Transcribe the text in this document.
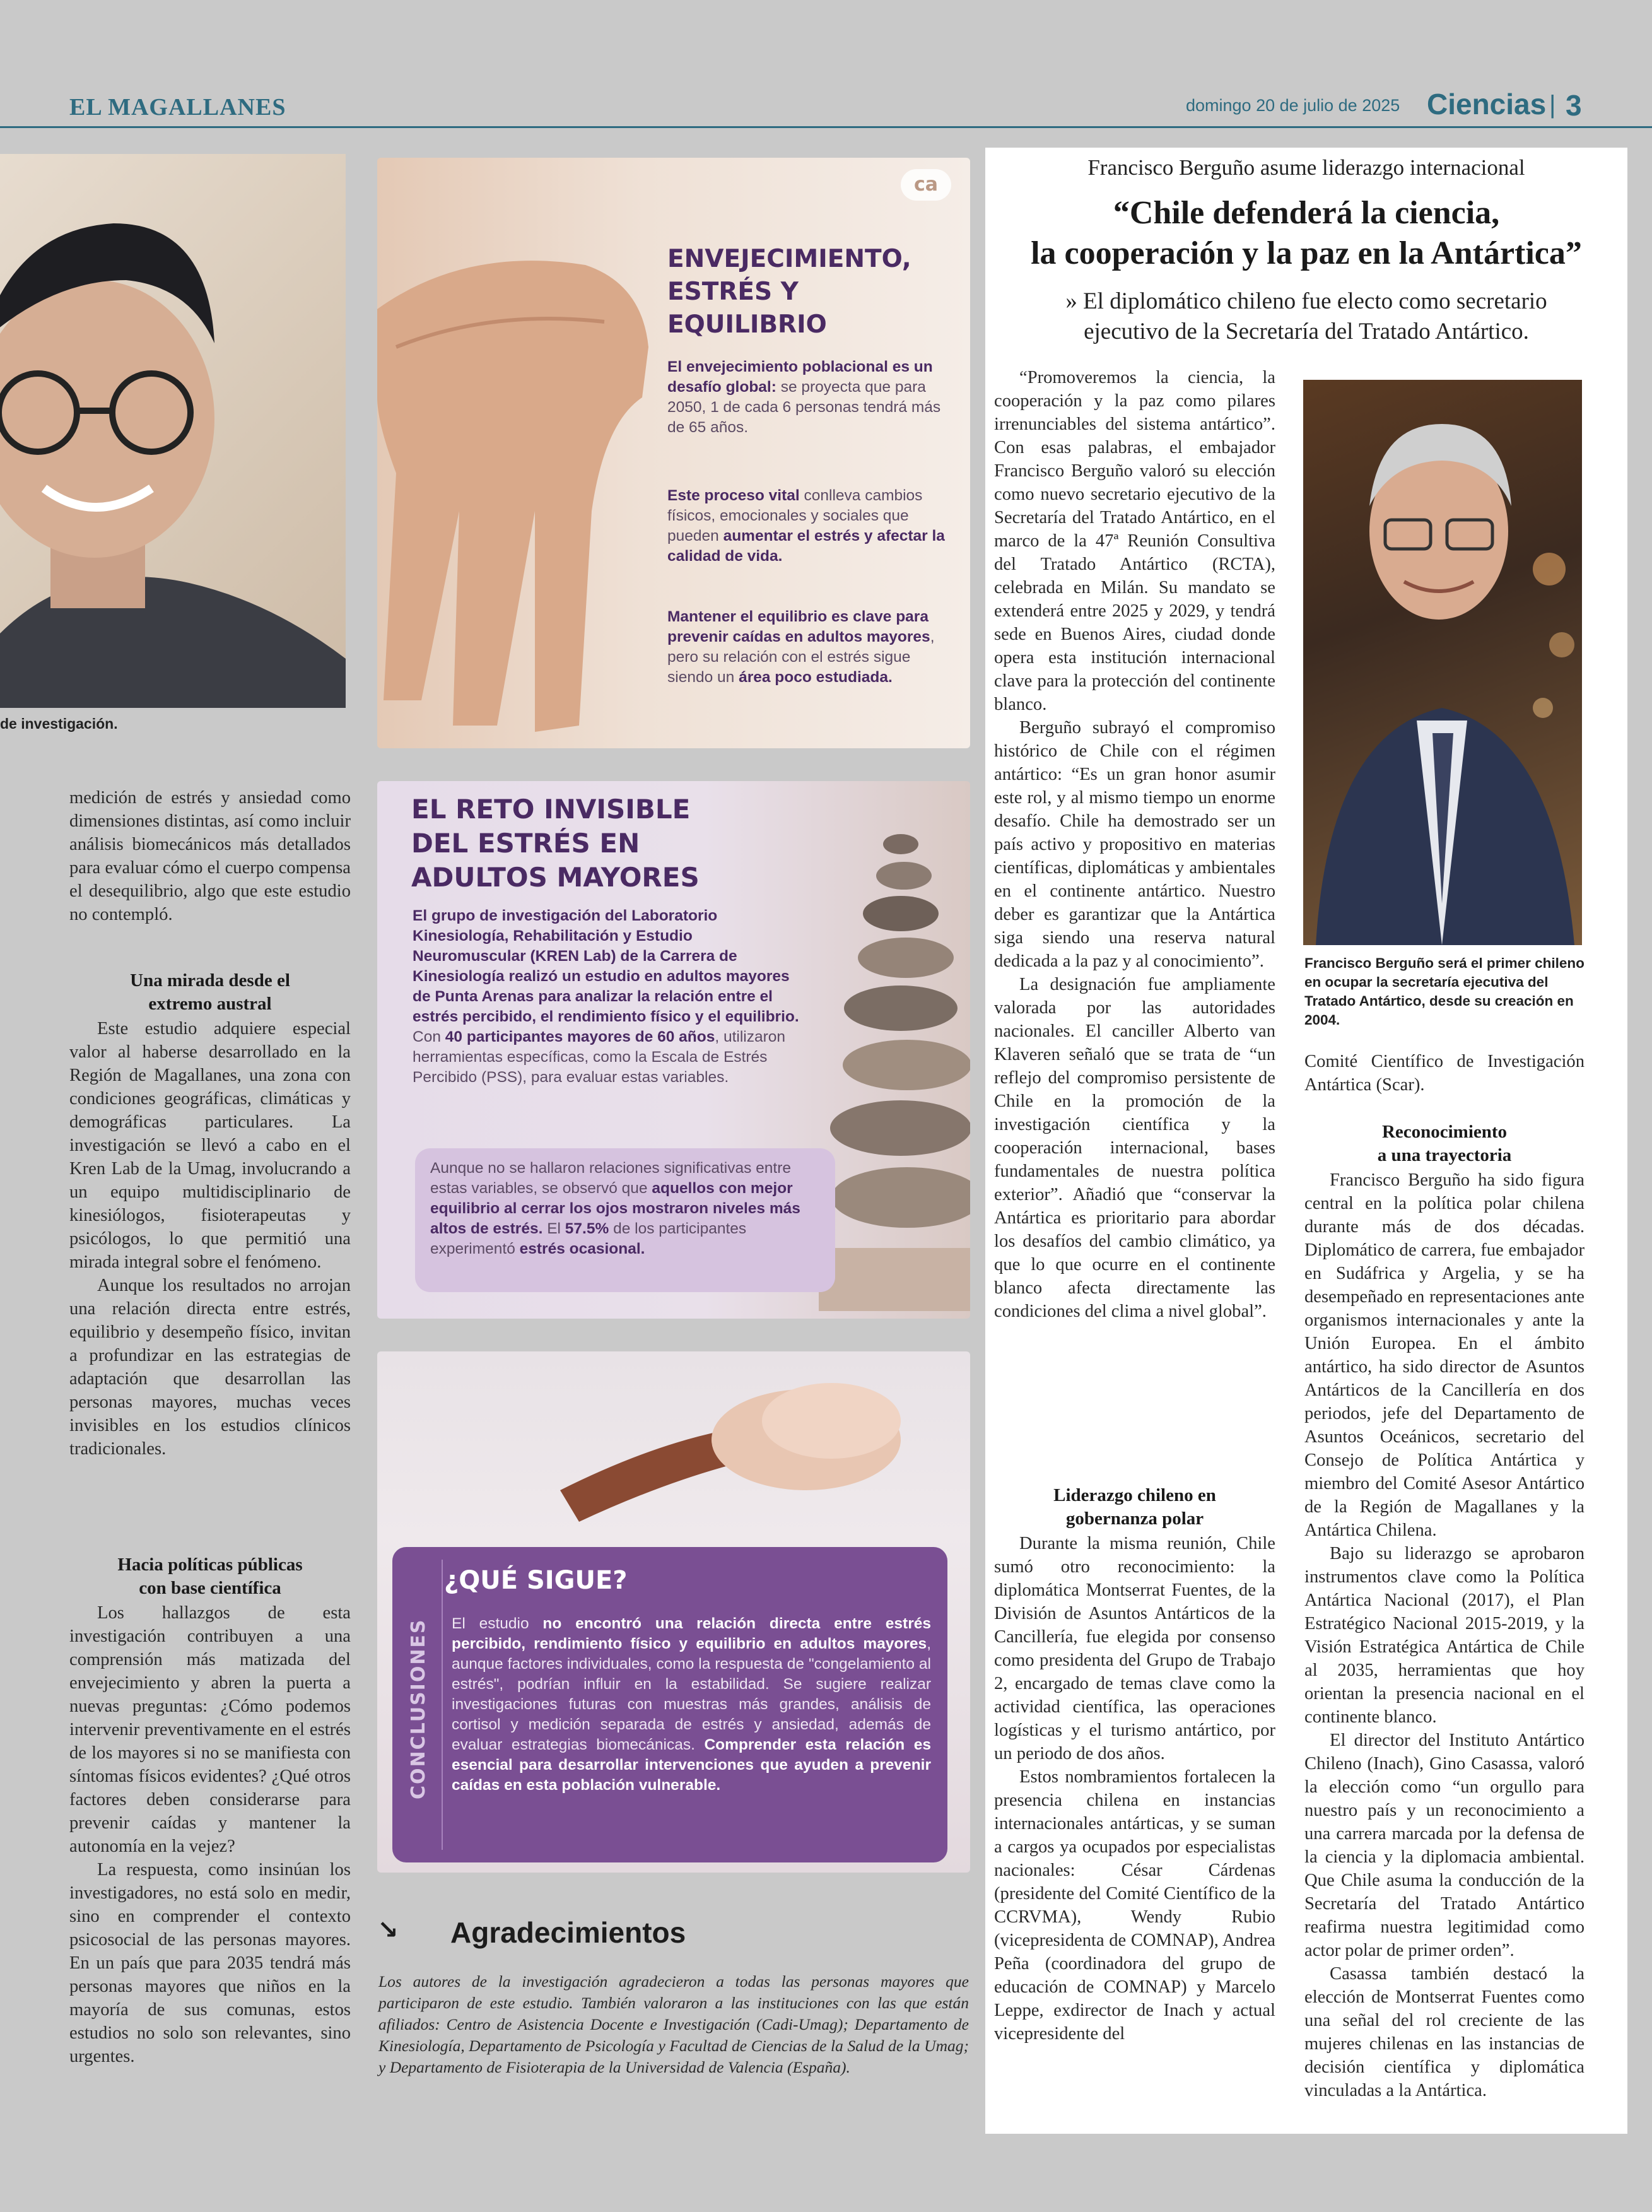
EL MAGALLANES	domingo 20 de julio de 2025 Ciencias | 3
de investigación.

medición de estrés y ansiedad como dimensiones distintas, así como incluir análisis biomecánicos más detallados para evaluar cómo el cuerpo compensa el desequilibrio, algo que este estudio no contempló.

Una mirada desde el
extremo austral

Este estudio adquiere especial valor al haberse desarrollado en la Región de Magallanes, una zona con condiciones geográficas, climáticas y demográficas particulares. La investigación se llevó a cabo en el Kren Lab de la Umag, involucrando a un equipo multidisciplinario de kinesiólogos, fisioterapeutas y psicólogos, lo que permitió una mirada integral sobre el fenómeno.

Aunque los resultados no arrojan una relación directa entre estrés, equilibrio y desempeño físico, invitan a profundizar en las estrategias de adaptación que desarrollan las personas mayores, muchas veces invisibles en los estudios clínicos tradicionales.

Hacia políticas públicas
con base científica

Los hallazgos de esta investigación contribuyen a una comprensión más matizada del envejecimiento y abren la puerta a nuevas preguntas: ¿Cómo podemos intervenir preventivamente en el estrés de los mayores si no se manifiesta con síntomas físicos evidentes? ¿Qué otros factores deben considerarse para prevenir caídas y mantener la autonomía en la vejez?

La respuesta, como insinúan los investigadores, no está solo en medir, sino en comprender el contexto psicosocial de las personas mayores. En un país que para 2035 tendrá más personas mayores que niños en la mayoría de sus comunas, estos estudios no solo son relevantes, sino urgentes.

ca
ENVEJECIMIENTO,
ESTRÉS Y
EQUILIBRIO
El envejecimiento poblacional es un desafío global: se proyecta que para 2050, 1 de cada 6 personas tendrá más de 65 años.
Este proceso vital conlleva cambios físicos, emocionales y sociales que pueden aumentar el estrés y afectar la calidad de vida.
Mantener el equilibrio es clave para prevenir caídas en adultos mayores, pero su relación con el estrés sigue siendo un área poco estudiada.
EL RETO INVISIBLE
DEL ESTRÉS EN
ADULTOS MAYORES
El grupo de investigación del Laboratorio Kinesiología, Rehabilitación y Estudio Neuromuscular (KREN Lab) de la Carrera de Kinesiología realizó un estudio en adultos mayores de Punta Arenas para analizar la relación entre el estrés percibido, el rendimiento físico y el equilibrio. Con 40 participantes mayores de 60 años, utilizaron herramientas específicas, como la Escala de Estrés Percibido (PSS), para evaluar estas variables.
Aunque no se hallaron relaciones significativas entre estas variables, se observó que aquellos con mejor equilibrio al cerrar los ojos mostraron niveles más altos de estrés. El 57.5% de los participantes experimentó estrés ocasional.
CONCLUSIONES
¿QUÉ SIGUE?
El estudio no encontró una relación directa entre estrés percibido, rendimiento físico y equilibrio en adultos mayores, aunque factores individuales, como la respuesta de "congelamiento al estrés", podrían influir en la estabilidad. Se sugiere realizar investigaciones futuras con muestras más grandes, análisis de cortisol y medición separada de estrés y ansiedad, además de evaluar estrategias biomecánicas. Comprender esta relación es esencial para desarrollar intervenciones que ayuden a prevenir caídas en esta población vulnerable.
↘ Agradecimientos
Los autores de la investigación agradecieron a todas las personas mayores que participaron de este estudio. También valoraron a las instituciones con las que están afiliados: Centro de Asistencia Docente e Investigación (Cadi-Umag); Departamento de Kinesiología, Departamento de Psicología y Facultad de Ciencias de la Salud de la Umag; y Departamento de Fisioterapia de la Universidad de Valencia (España).
Francisco Berguño asume liderazgo internacional
“Chile defenderá la ciencia,
la cooperación y la paz en la Antártica”
» El diplomático chileno fue electo como secretario
ejecutivo de la Secretaría del Tratado Antártico.

“Promoveremos la ciencia, la cooperación y la paz como pilares irrenunciables del sistema antártico”. Con esas palabras, el embajador Francisco Berguño valoró su elección como nuevo secretario ejecutivo de la Secretaría del Tratado Antártico, en el marco de la 47ª Reunión Consultiva del Tratado Antártico (RCTA), celebrada en Milán. Su mandato se extenderá entre 2025 y 2029, y tendrá sede en Buenos Aires, ciudad donde opera esta institución internacional clave para la protección del continente blanco.

Berguño subrayó el compromiso histórico de Chile con el régimen antártico: “Es un gran honor asumir este rol, y al mismo tiempo un enorme desafío. Chile ha demostrado ser un país activo y propositivo en materias científicas, diplomáticas y ambientales en el continente antártico. Nuestro deber es garantizar que la Antártica siga siendo una reserva natural dedicada a la paz y al conocimiento”.

La designación fue ampliamente valorada por las autoridades nacionales. El canciller Alberto van Klaveren señaló que se trata de “un reflejo del compromiso persistente de Chile en la promoción de la investigación científica y la cooperación internacional, bases fundamentales de nuestra política exterior”. Añadió que “conservar la Antártica es prioritario para abordar los desafíos del cambio climático, ya que lo que ocurre en el continente blanco afecta directamente las condiciones del clima a nivel global”.

Liderazgo chileno en
gobernanza polar

Durante la misma reunión, Chile sumó otro reconocimiento: la diplomática Montserrat Fuentes, de la División de Asuntos Antárticos de la Cancillería, fue elegida por consenso como presidenta del Grupo de Trabajo 2, encargado de temas clave como la actividad científica, las operaciones logísticas y el turismo antártico, por un periodo de dos años.

Estos nombramientos fortalecen la presencia chilena en instancias internacionales antárticas, y se suman a cargos ya ocupados por especialistas nacionales: César Cárdenas (presidente del Comité Científico de la CCRVMA), Wendy Rubio (vicepresidenta de COMNAP), Andrea Peña (coordinadora del grupo de educación de COMNAP) y Marcelo Leppe, exdirector de Inach y actual vicepresidente del

Francisco Berguño será el primer chileno en ocupar la secretaría ejecutiva del Tratado Antártico, desde su creación en 2004.

Comité Científico de Investigación Antártica (Scar).

Reconocimiento
a una trayectoria

Francisco Berguño ha sido figura central en la política polar chilena durante más de dos décadas. Diplomático de carrera, fue embajador en Sudáfrica y Argelia, y se ha desempeñado en representaciones ante organismos internacionales y ante la Unión Europea. En el ámbito antártico, ha sido director de Asuntos Antárticos de la Cancillería en dos periodos, jefe del Departamento de Asuntos Oceánicos, secretario del Consejo de Política Antártica y miembro del Comité Asesor Antártico de la Región de Magallanes y la Antártica Chilena.

Bajo su liderazgo se aprobaron instrumentos clave como la Política Antártica Nacional (2017), el Plan Estratégico Nacional 2015-2019, y la Visión Estratégica Antártica de Chile al 2035, herramientas que hoy orientan la presencia nacional en el continente blanco.

El director del Instituto Antártico Chileno (Inach), Gino Casassa, valoró la elección como “un orgullo para nuestro país y un reconocimiento a una carrera marcada por la defensa de la ciencia y la diplomacia ambiental. Que Chile asuma la conducción de la Secretaría del Tratado Antártico reafirma nuestra legitimidad como actor polar de primer orden”.

Casassa también destacó la elección de Montserrat Fuentes como una señal del rol creciente de las mujeres chilenas en las instancias de decisión científica y diplomática vinculadas a la Antártica.
